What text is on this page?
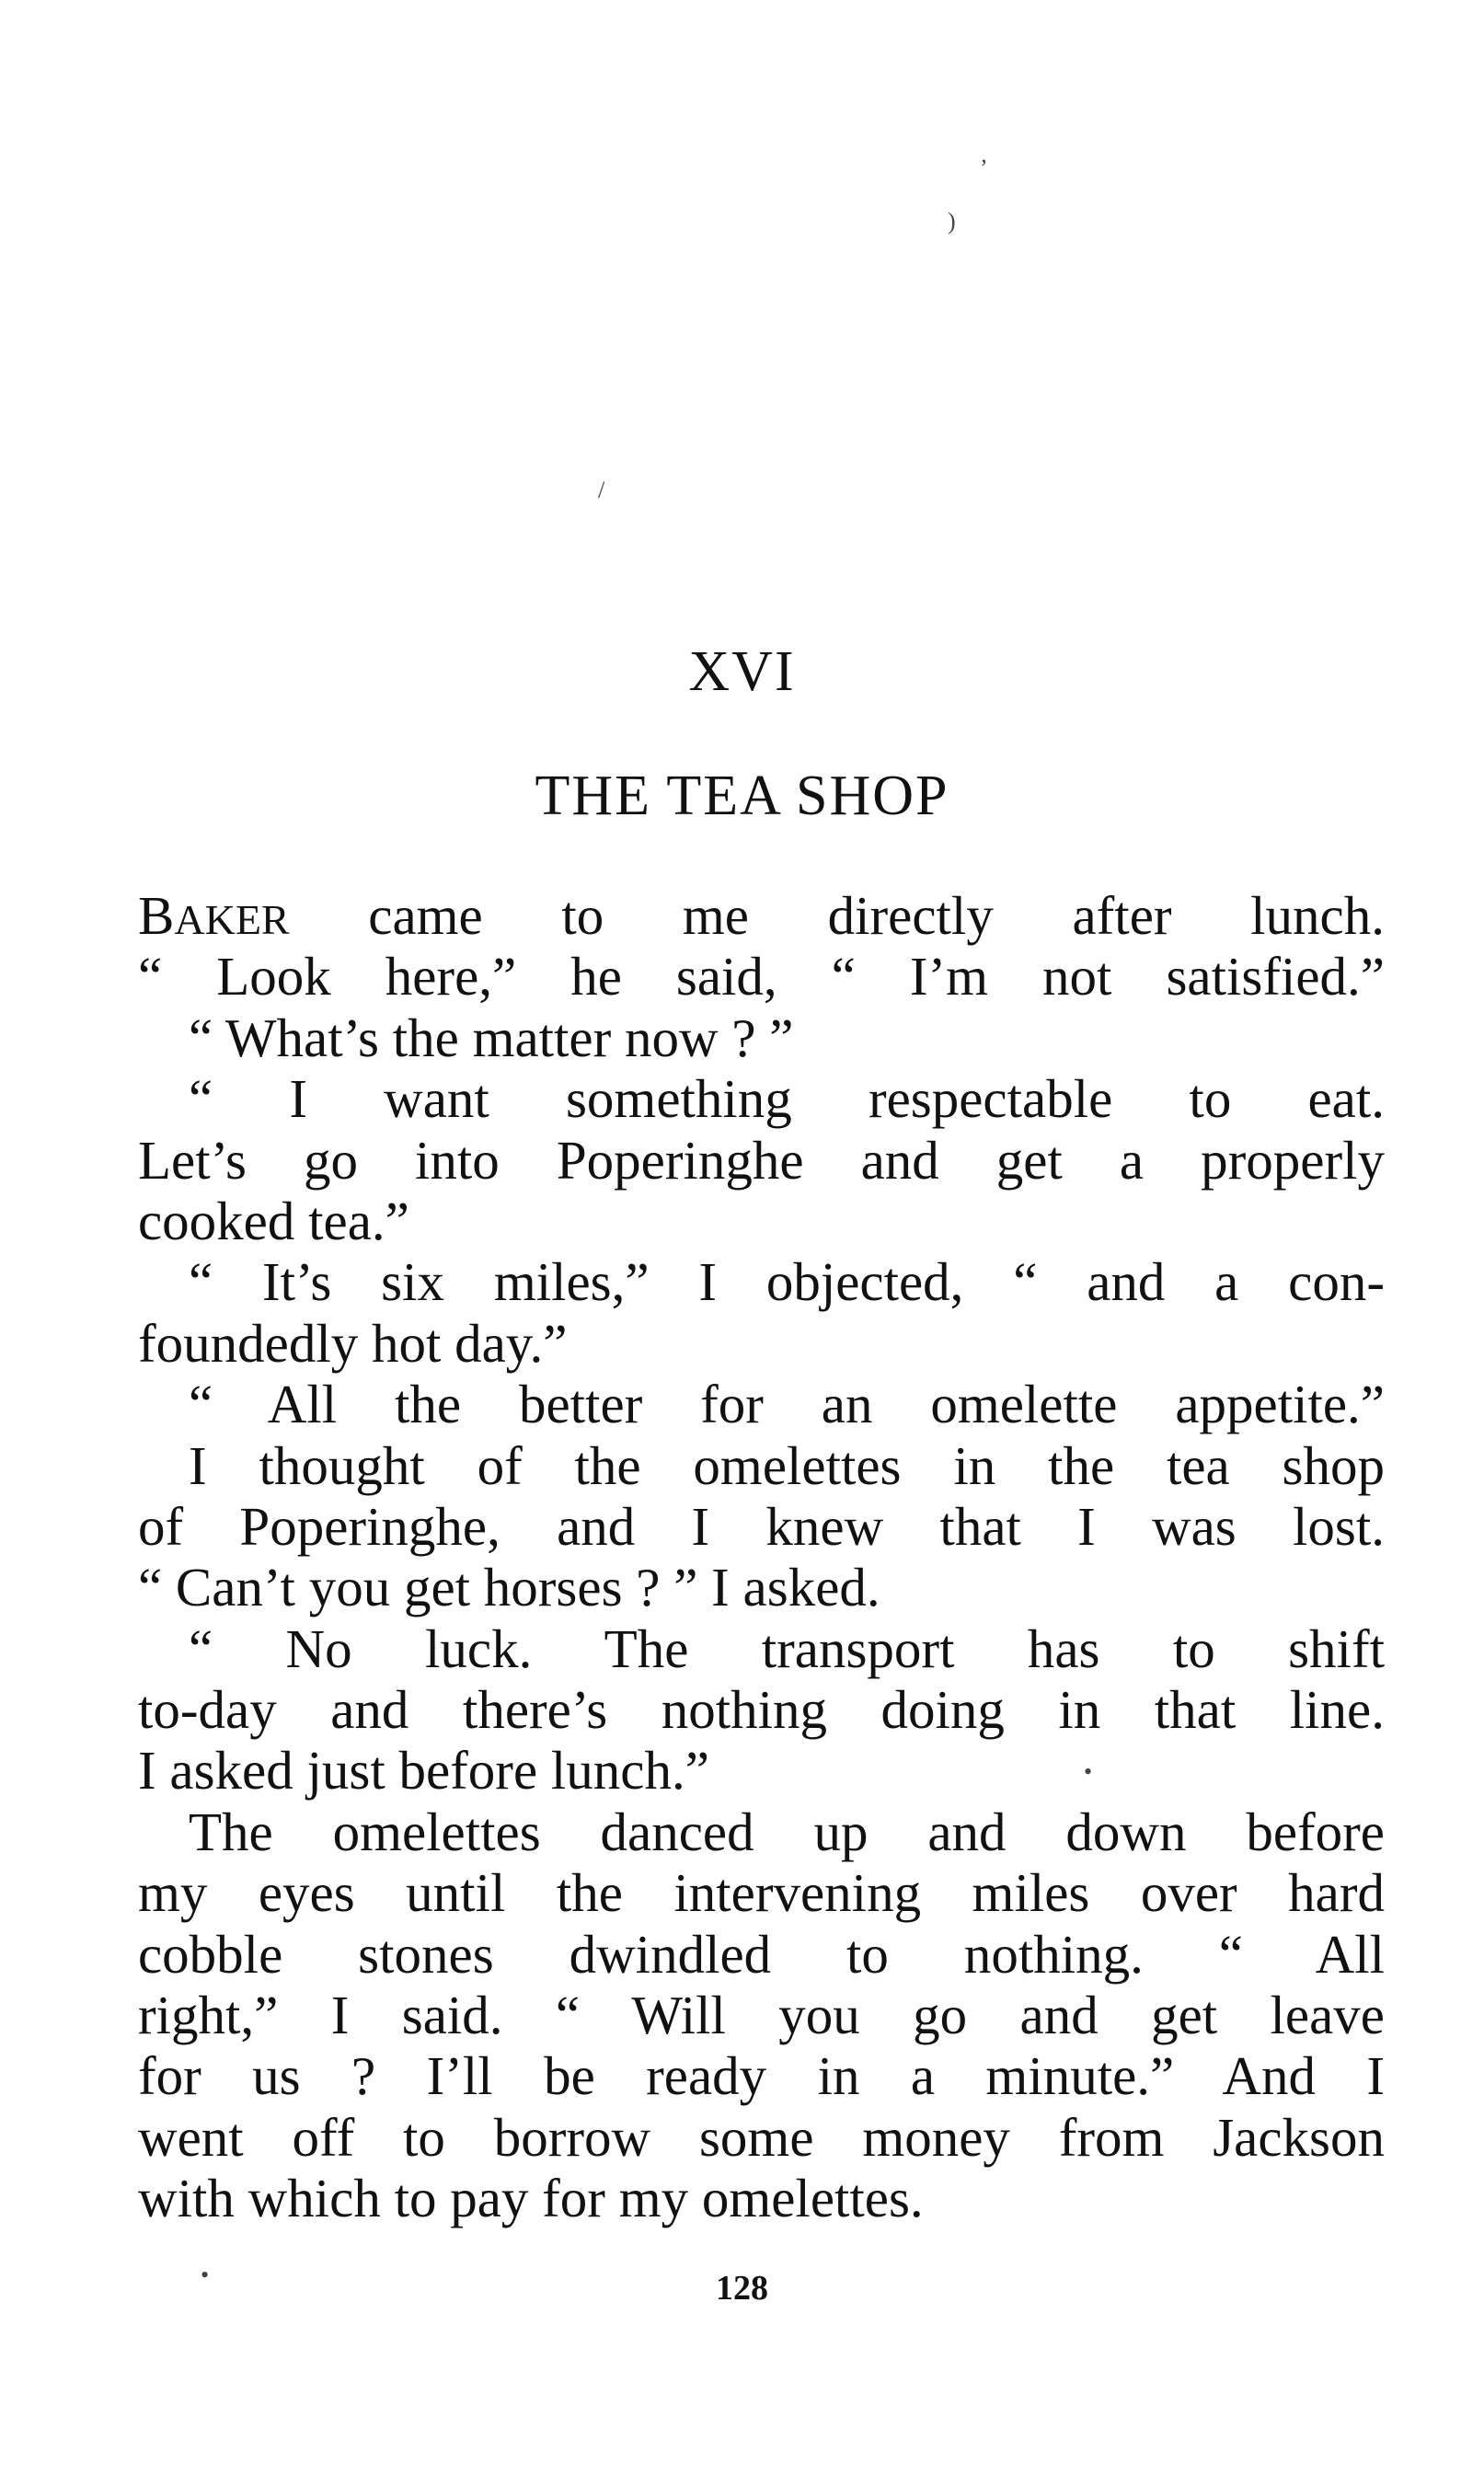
ʼ
)
/
•
•
XVI
THE TEA SHOP
BAKER came to me directly after lunch.
“ Look here,” he said, “ I’m not satisfied.”
“ What’s the matter now ? ”
“ I want something respectable to eat.
Let’s go into Poperinghe and get a properly
cooked tea.”
“ It’s six miles,” I objected, “ and a con-
foundedly hot day.”
“ All the better for an omelette appetite.”
I thought of the omelettes in the tea shop
of Poperinghe, and I knew that I was lost.
“ Can’t you get horses ? ” I asked.
“ No luck. The transport has to shift
to-day and there’s nothing doing in that line.
I asked just before lunch.”
The omelettes danced up and down before
my eyes until the intervening miles over hard
cobble stones dwindled to nothing. “ All
right,” I said. “ Will you go and get leave
for us ? I’ll be ready in a minute.” And I
went off to borrow some money from Jackson
with which to pay for my omelettes.
128
